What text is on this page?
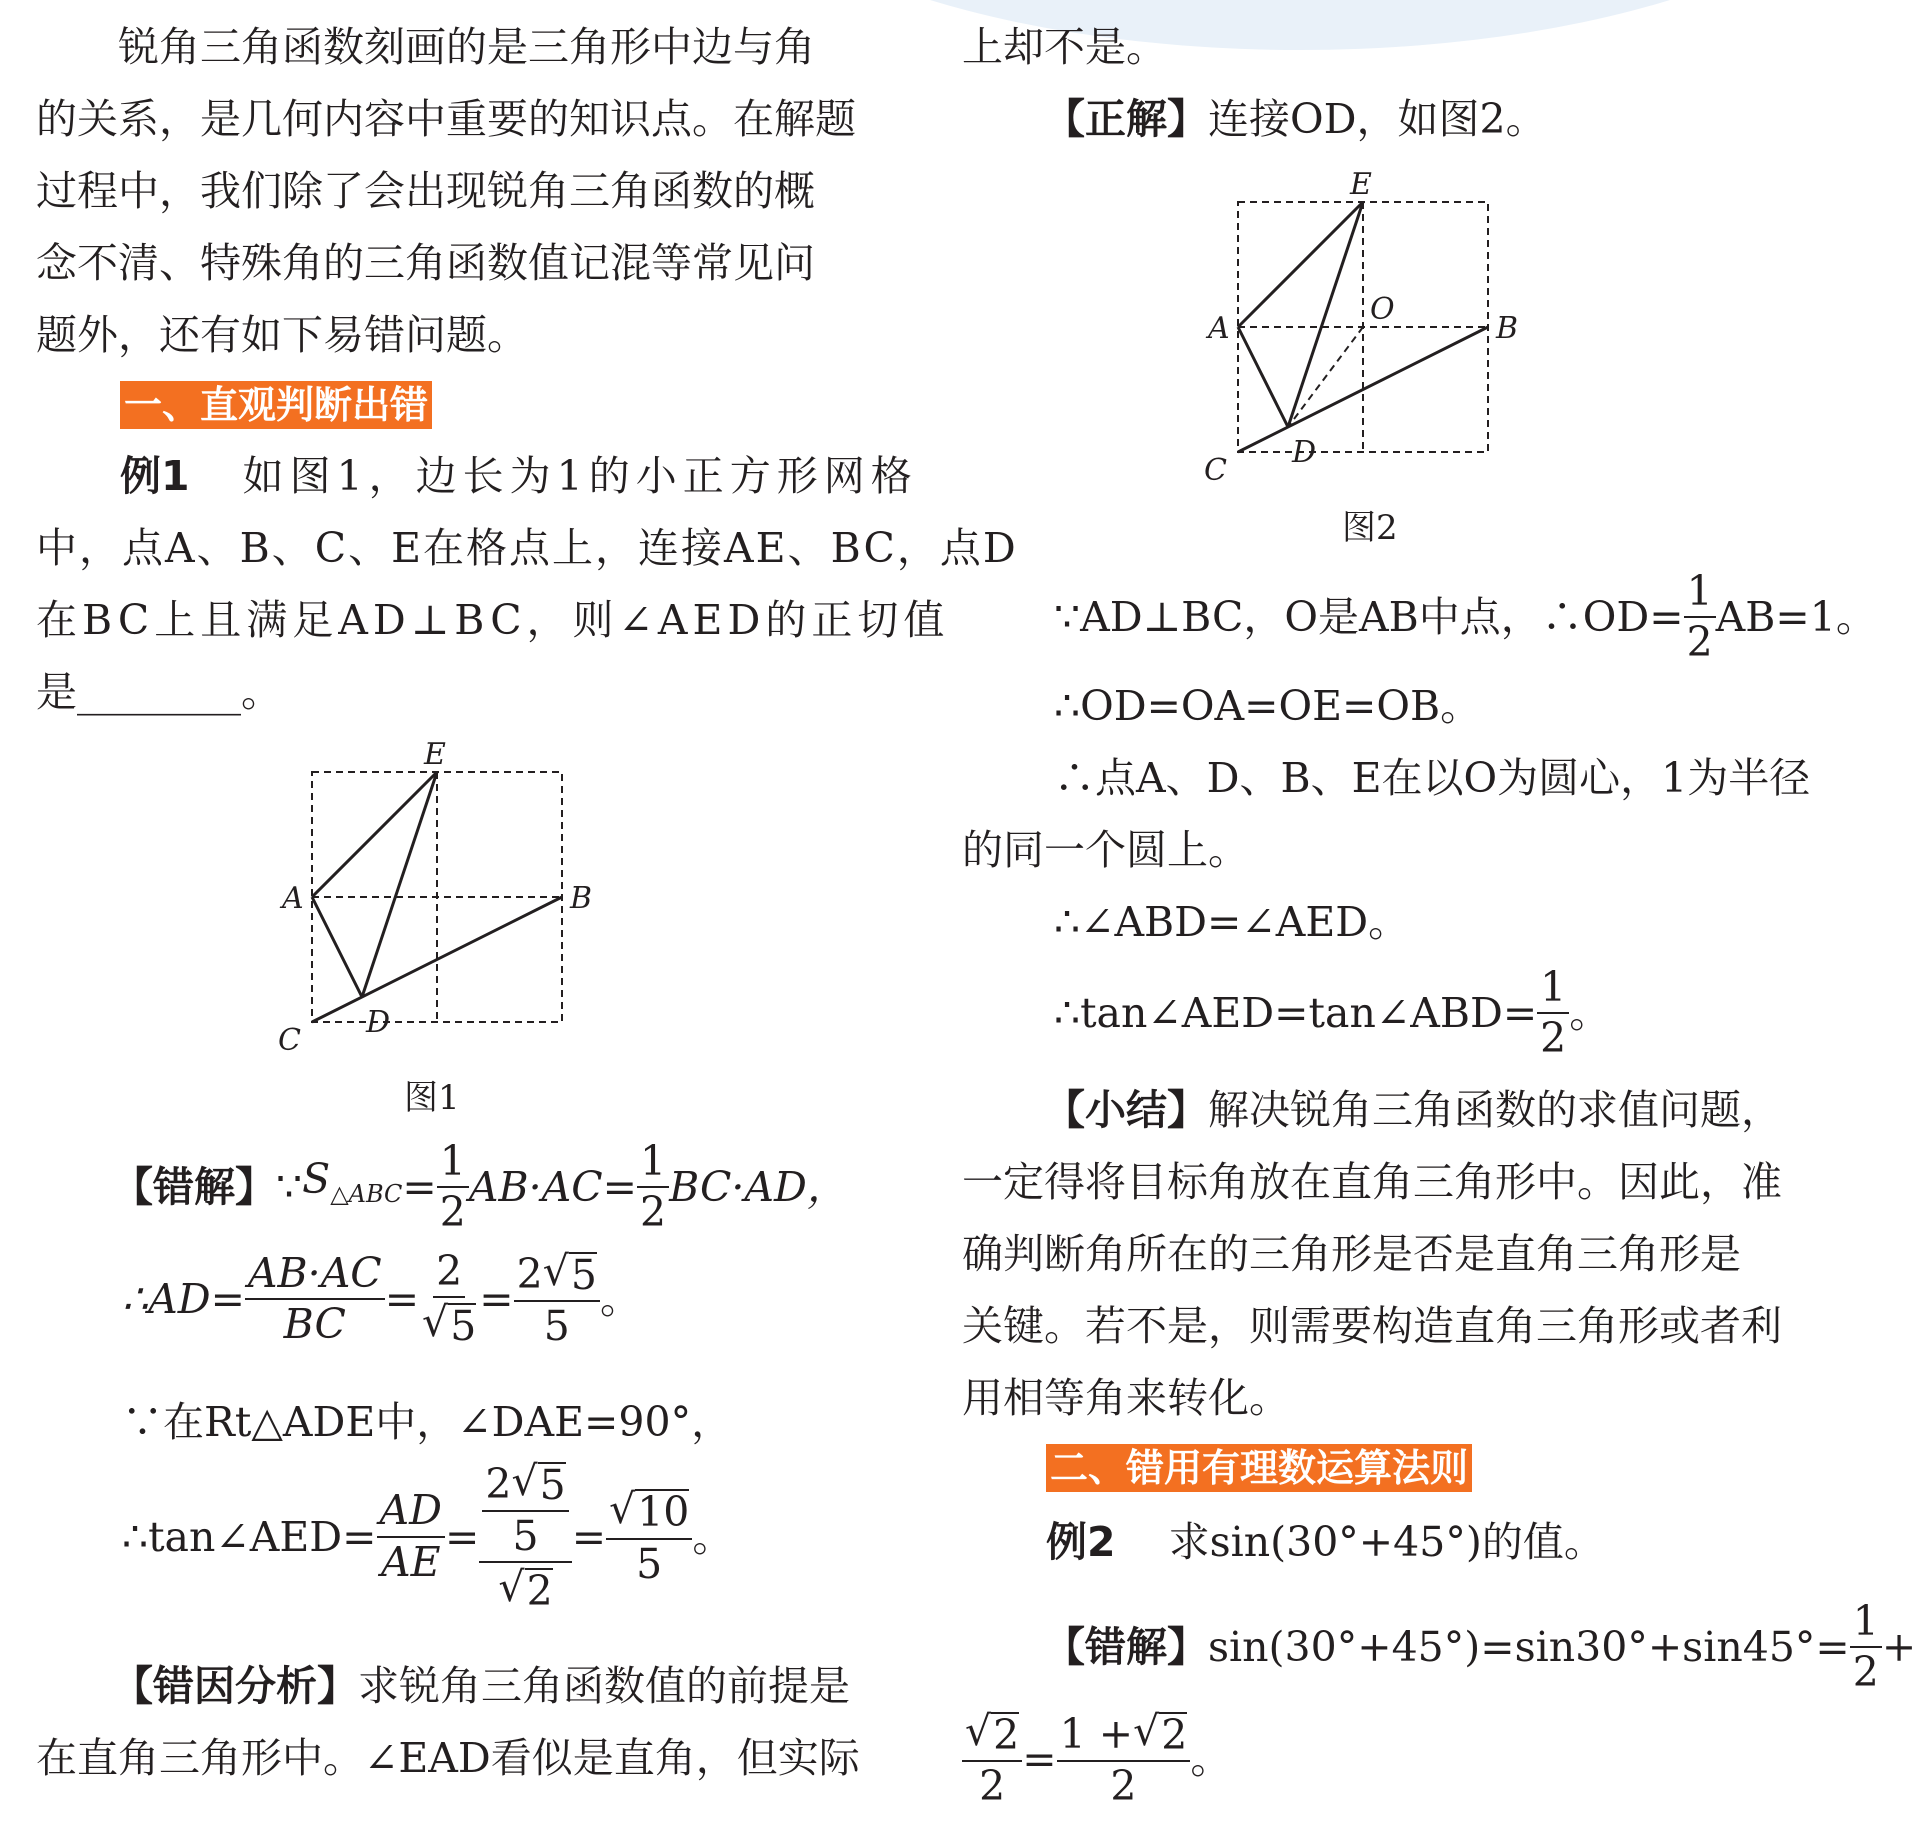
锐角三角函数刻画的是三角形中边与角
的关系，是几何内容中重要的知识点。在解题
过程中，我们除了会出现锐角三角函数的概
念不清、特殊角的三角函数值记混等常见问
题外，还有如下易错问题。
一、直观判断出错
例1 如图1，边长为1的小正方形网格
中，点A、B、C、E在格点上，连接AE、BC，点D
在BC上且满足AD⊥BC，则∠AED的正切值
是________。
A	B
C
D
E
图1
【错解】$\because S_{\triangle ABC}= \frac{1}{2} AB\cdot AC= \frac{1}{2} BC\cdot AD$，
∴AD= $\frac{AB\cdot AC}{BC} = \frac{2}{√5} = \frac{2√5}{5}$ 。
∵在Rt△ADE中，∠DAE=90°，
∴tan∠AED= $\frac{AD}{AE} = \frac{\frac{2√5}{5}}{√2} = \frac{√10}{5}$ 。
【错因分析】求锐角三角函数值的前提是
在直角三角形中。∠EAD看似是直角，但实际
上却不是。
【正解】连接OD，如图2。
A	B
C
D
E
O
图2
∵AD⊥BC，O是AB中点，∴OD= $\frac{1}{2} AB=1$。
∴OD=OA=OE=OB。
∴点A、D、B、E在以O为圆心，1为半径
的同一个圆上。
∴∠ABD=∠AED。
∴tan∠AED=tan∠ABD= $\frac{1}{2}$ 。
【小结】解决锐角三角函数的求值问题，
一定得将目标角放在直角三角形中。因此，准
确判断角所在的三角形是否是直角三角形是
关键。若不是，则需要构造直角三角形或者利
用相等角来转化。
二、错用有理数运算法则
例2 求sin(30°+45°)的值。
【错解】$\sin(30^\circ+45^\circ)=\sin 30^\circ+\sin 45^\circ= \frac{1}{2}$ +
$\frac{√2}{2} = \frac{1 +√2}{2}$ 。
